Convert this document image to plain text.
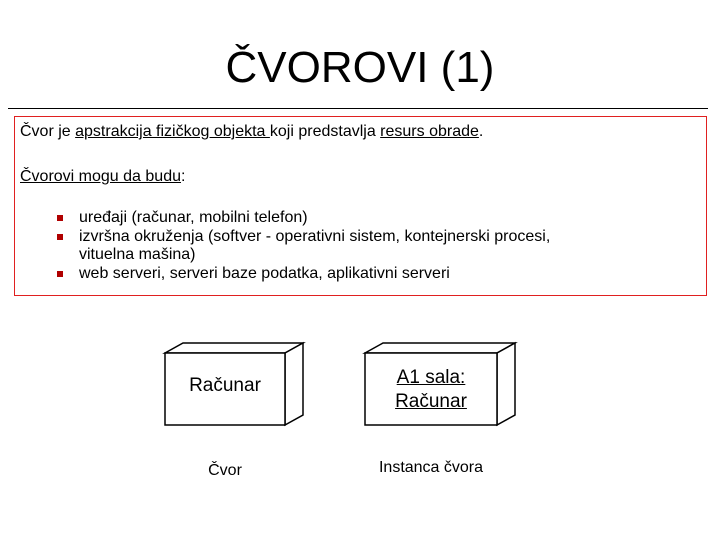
ČVOROVI (1)
Čvor je apstrakcija fizičkog objekta koji predstavlja resurs obrade.
Čvorovi mogu da budu:
uređaji (računar, mobilni telefon)
izvršna okruženja (softver - operativni sistem, kontejnerski procesi,
vituelna mašina)
web serveri, serveri baze podatka, aplikativni serveri
Računar
Čvor
A1 sala:
Računar
Instanca čvora
